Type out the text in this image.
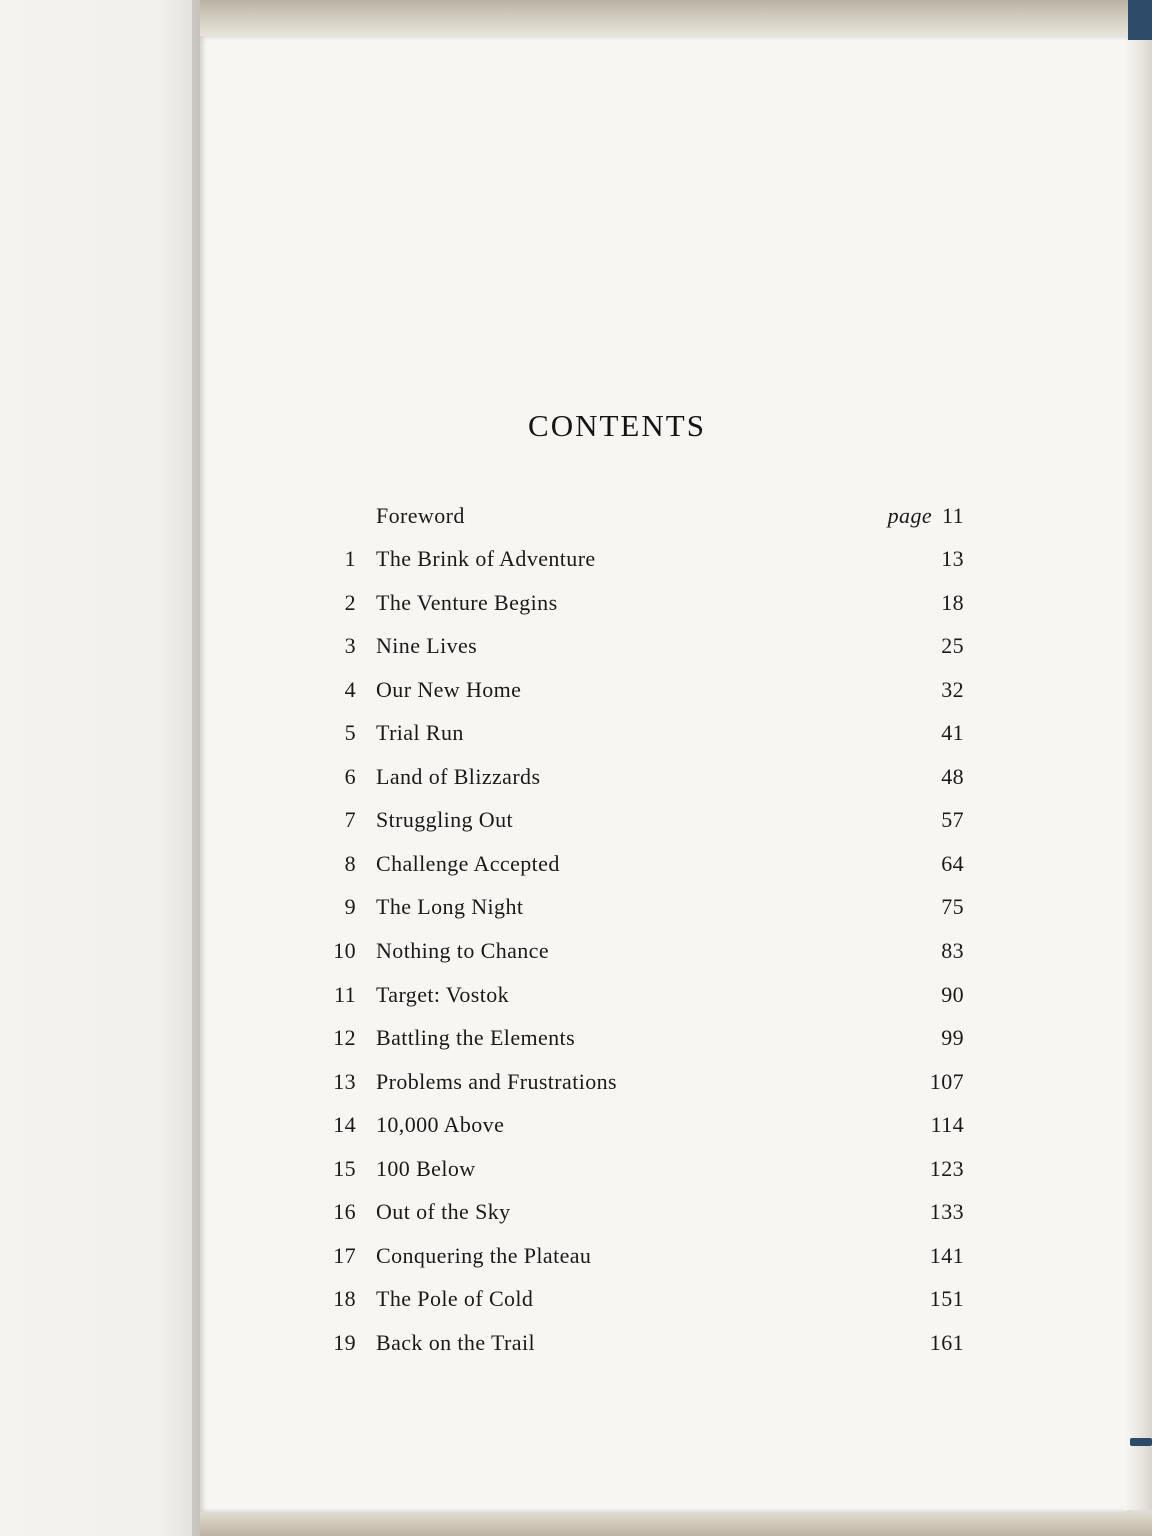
CONTENTS
Foreword	page 11
1 The Brink of Adventure	13
2 The Venture Begins	18
3 Nine Lives	25
4 Our New Home	32
5 Trial Run	41
6 Land of Blizzards	48
7 Struggling Out	57
8 Challenge Accepted	64
9 The Long Night	75
10 Nothing to Chance	83
11 Target: Vostok	90
12 Battling the Elements	99
13 Problems and Frustrations	107
14 10,000 Above	114
15 100 Below	123
16 Out of the Sky	133
17 Conquering the Plateau	141
18 The Pole of Cold	151
19 Back on the Trail	161
